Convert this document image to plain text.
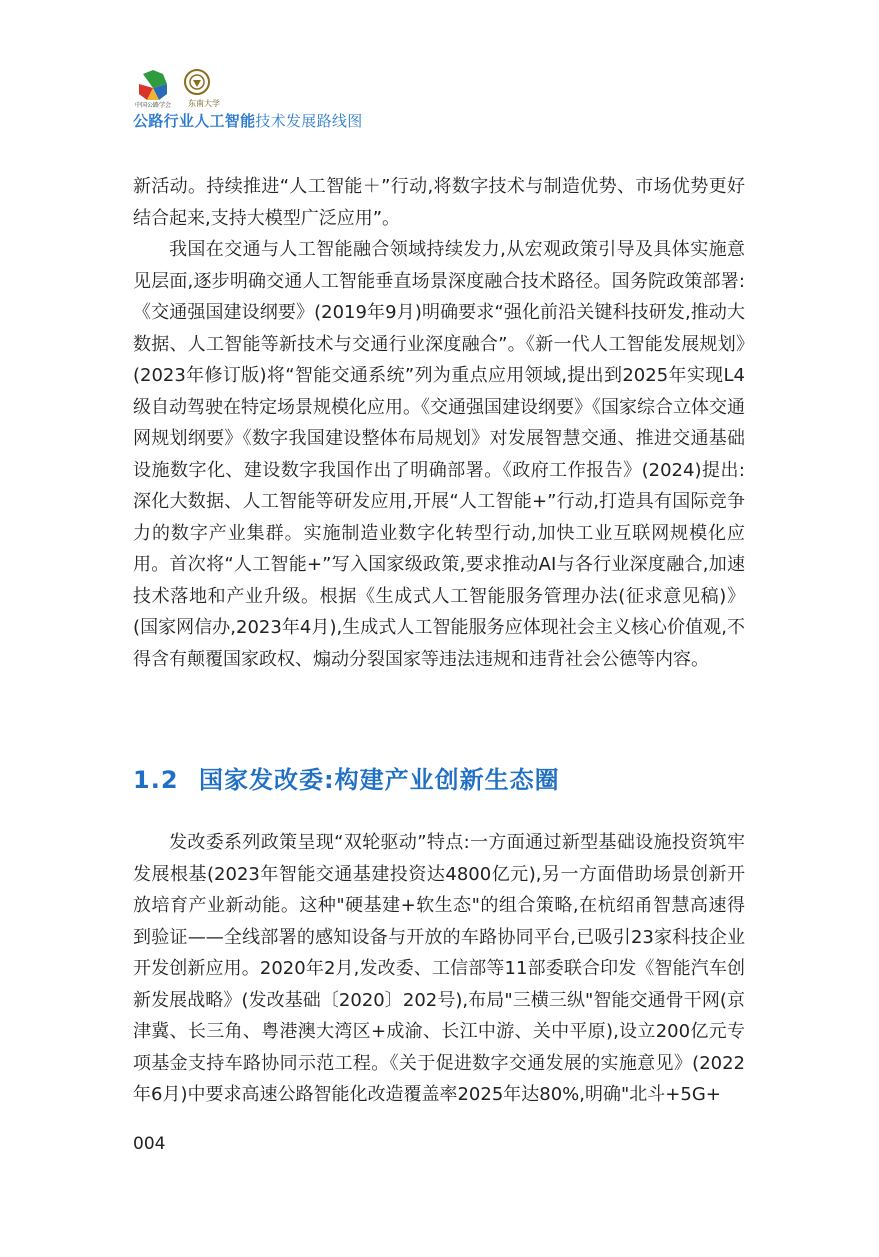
中国公路学会 东南大学
公路行业人工智能技术发展路线图
新活动。持续推进“人工智能＋”行动,将数字技术与制造优势、市场优势更好结合起来,支持大模型广泛应用”。
我国在交通与人工智能融合领域持续发力,从宏观政策引导及具体实施意见层面,逐步明确交通人工智能垂直场景深度融合技术路径。国务院政策部署:《交通强国建设纲要》(2019年9月)明确要求“强化前沿关键科技研发,推动大数据、人工智能等新技术与交通行业深度融合”。《新一代人工智能发展规划》(2023年修订版)将“智能交通系统”列为重点应用领域,提出到2025年实现L4级自动驾驶在特定场景规模化应用。《交通强国建设纲要》《国家综合立体交通网规划纲要》《数字我国建设整体布局规划》对发展智慧交通、推进交通基础设施数字化、建设数字我国作出了明确部署。《政府工作报告》(2024)提出:深化大数据、人工智能等研发应用,开展“人工智能+”行动,打造具有国际竞争力的数字产业集群。实施制造业数字化转型行动,加快工业互联网规模化应用。首次将“人工智能+”写入国家级政策,要求推动AI与各行业深度融合,加速技术落地和产业升级。根据《生成式人工智能服务管理办法(征求意见稿)》(国家网信办,2023年4月),生成式人工智能服务应体现社会主义核心价值观,不得含有颠覆国家政权、煽动分裂国家等违法违规和违背社会公德等内容。
1.2 国家发改委:构建产业创新生态圈
发改委系列政策呈现“双轮驱动”特点:一方面通过新型基础设施投资筑牢发展根基(2023年智能交通基建投资达4800亿元),另一方面借助场景创新开放培育产业新动能。这种"硬基建+软生态"的组合策略,在杭绍甬智慧高速得到验证——全线部署的感知设备与开放的车路协同平台,已吸引23家科技企业开发创新应用。2020年2月,发改委、工信部等11部委联合印发《智能汽车创新发展战略》(发改基础〔2020〕202号),布局"三横三纵"智能交通骨干网(京津冀、长三角、粤港澳大湾区+成渝、长江中游、关中平原),设立200亿元专项基金支持车路协同示范工程。《关于促进数字交通发展的实施意见》(2022年6月)中要求高速公路智能化改造覆盖率2025年达80%,明确"北斗+5G+
004
